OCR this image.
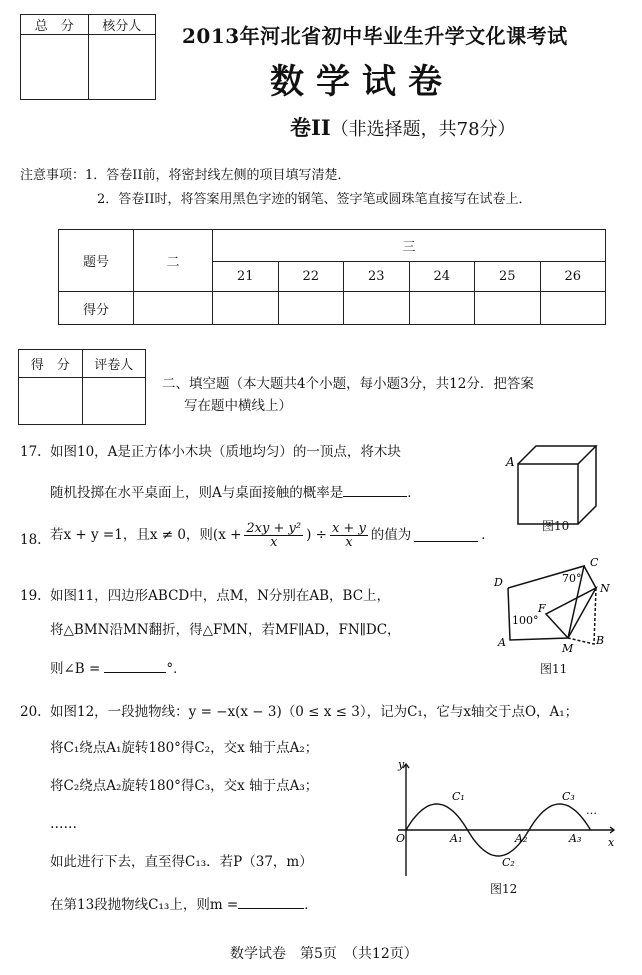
总　分	核分人
	2013年河北省初中毕业生升学文化课考试
数学试卷
卷II（非选择题，共78分）
注意事项：1．答卷II前，将密封线左侧的项目填写清楚．
2．答卷II时，将答案用黑色字迹的钢笔、签字笔或圆珠笔直接写在试卷上．
题号	二	三					
		21	22	23	24	25	26
得分							
得　分	评卷人

二、填空题（本大题共4个小题，每小题3分，共12分．把答案
写在题中横线上）
17. 如图10，A是正方体小木块（质地均匀）的一顶点，将木块
随机投掷在水平桌面上，则A与桌面接触的概率是	．
A
图10
18. 若x + y =1，且x ≠ 0，则($x + \frac{\text{2xy + y²}}{x}$ ) ÷ $\frac{x + y}{x}$ 的值为	．
19. 如图11，四边形ABCD中，点M，N分别在AB，BC上，
将△BMN沿MN翻折，得△FMN，若MF∥AD，FN∥DC，
则∠B =	°．
D
C
N
F
A	M
B
70°
100°
图11
20. 如图12，一段抛物线：y = −x(x − 3)（0 ≤ x ≤ 3），记为C₁，它与x轴交于点O，A₁；
将C₁绕点A₁旋转180°得C₂，交x 轴于点A₂；
将C₂绕点A₂旋转180°得C₃，交x 轴于点A₃；
……
如此进行下去，直至得C₁₃．若P（37，m）
在第13段抛物线C₁₃上，则m =	．
y
x
O	A₁	A₂	A₃
C₁
C₂
C₃
…
图12
数学试卷　第5页　（共12页）
